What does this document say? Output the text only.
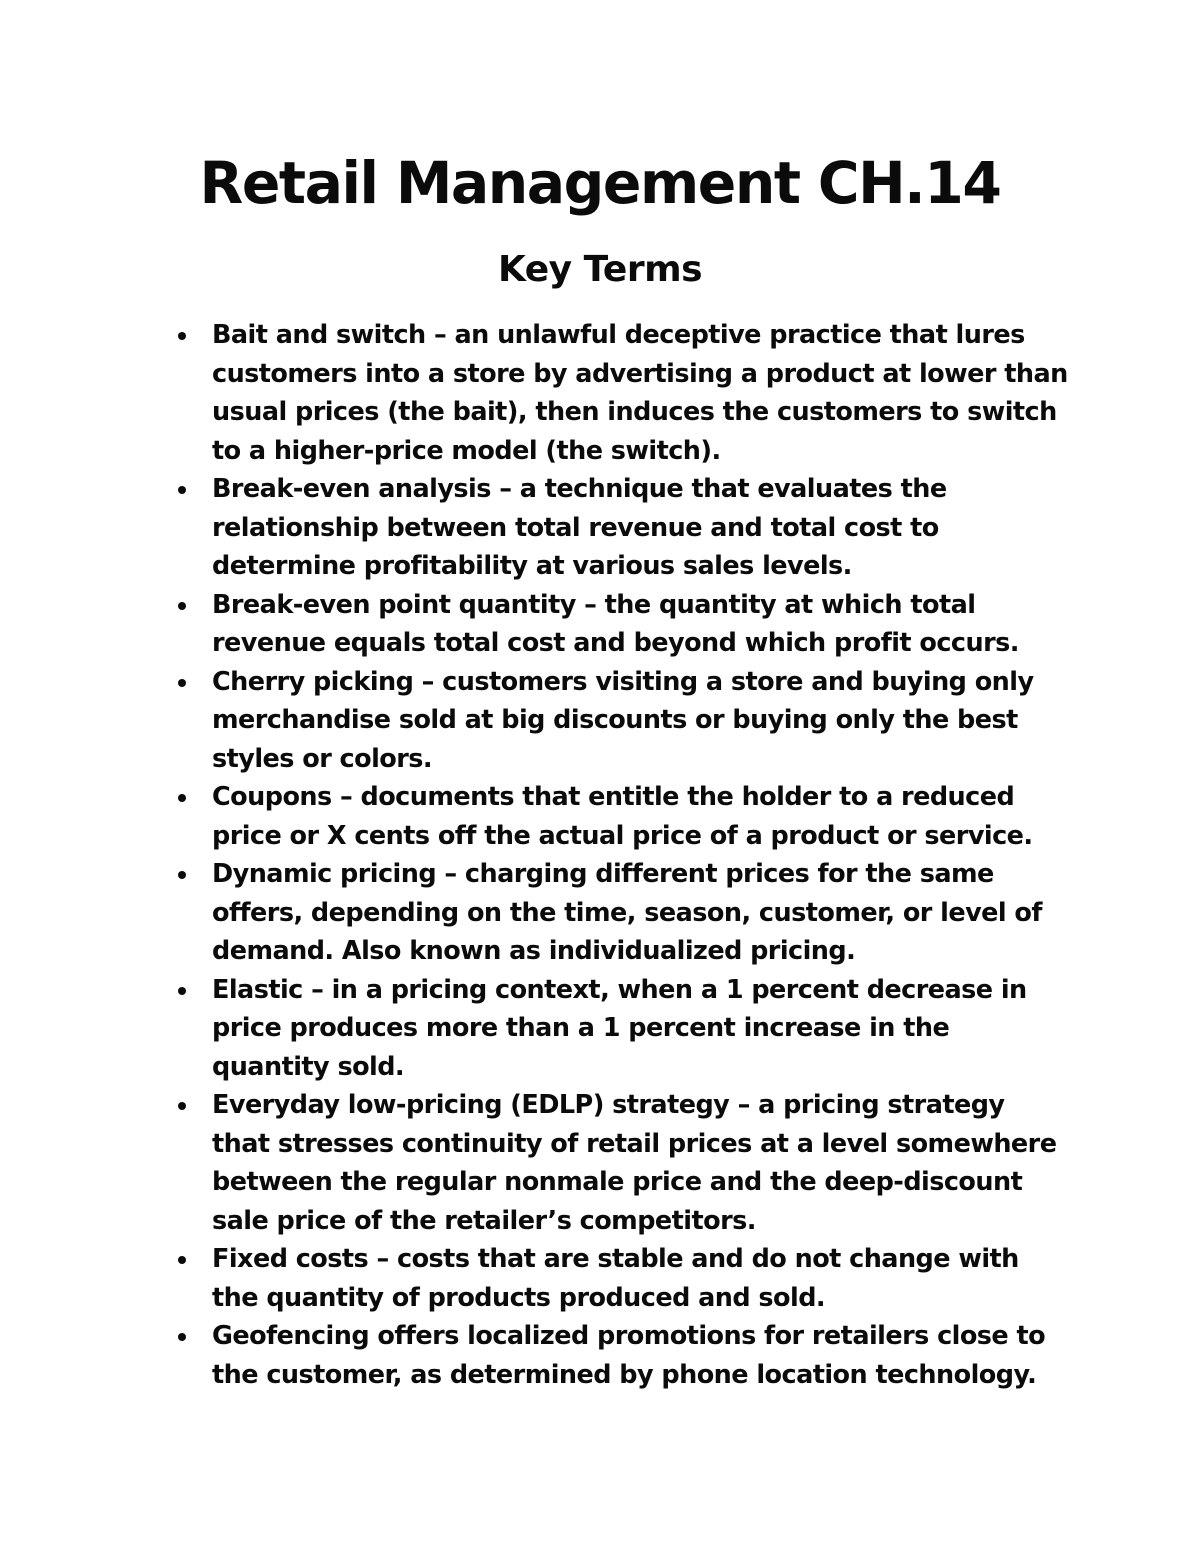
Retail Management CH.14
Key Terms
Bait and switch – an unlawful deceptive practice that lures customers into a store by advertising a product at lower than usual prices (the bait), then induces the customers to switch to a higher-price model (the switch).
Break-even analysis – a technique that evaluates the relationship between total revenue and total cost to determine profitability at various sales levels.
Break-even point quantity – the quantity at which total revenue equals total cost and beyond which profit occurs.
Cherry picking – customers visiting a store and buying only merchandise sold at big discounts or buying only the best styles or colors.
Coupons – documents that entitle the holder to a reduced price or X cents off the actual price of a product or service.
Dynamic pricing – charging different prices for the same offers, depending on the time, season, customer, or level of demand. Also known as individualized pricing.
Elastic – in a pricing context, when a 1 percent decrease in price produces more than a 1 percent increase in the quantity sold.
Everyday low-pricing (EDLP) strategy – a pricing strategy that stresses continuity of retail prices at a level somewhere between the regular nonmale price and the deep-discount sale price of the retailer’s competitors.
Fixed costs – costs that are stable and do not change with the quantity of products produced and sold.
Geofencing offers localized promotions for retailers close to the customer, as determined by phone location technology.
